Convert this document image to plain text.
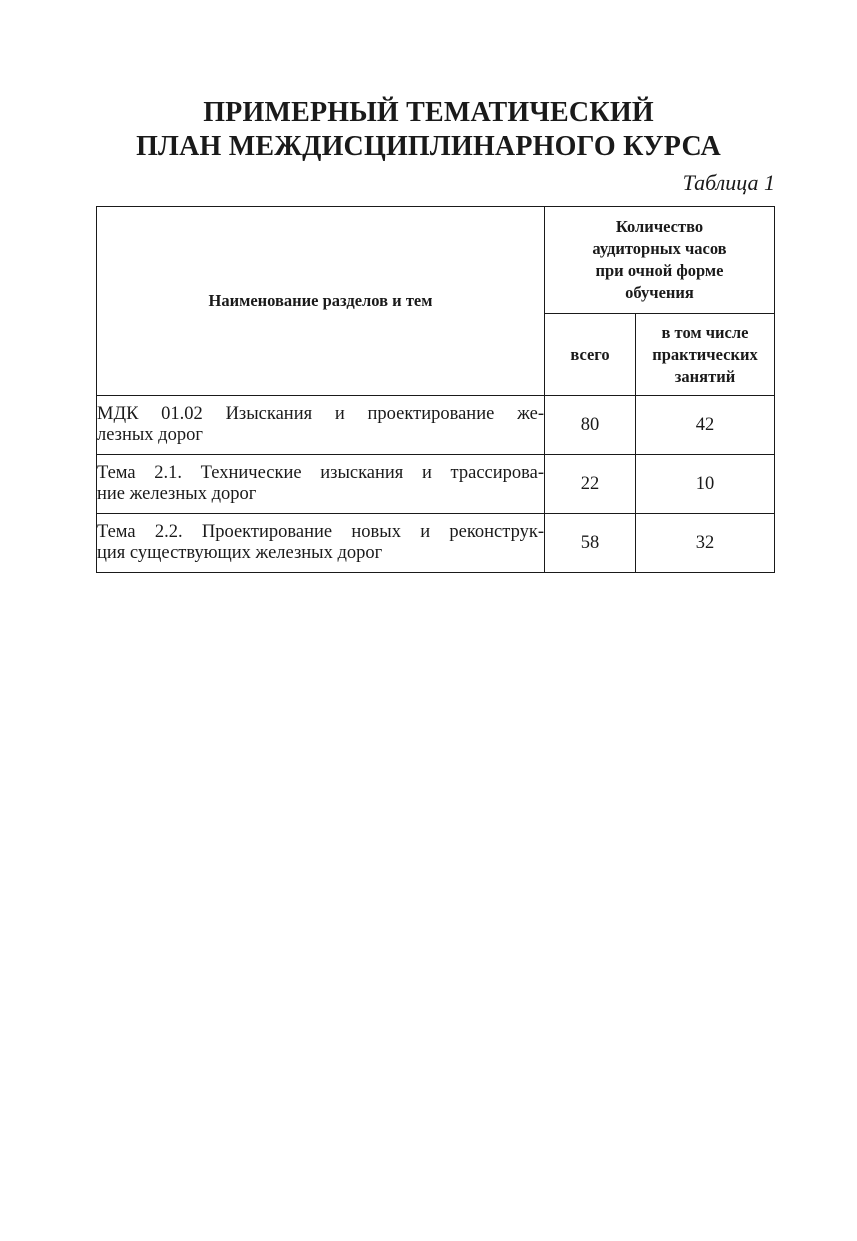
ПРИМЕРНЫЙ ТЕМАТИЧЕСКИЙ
ПЛАН МЕЖДИСЦИПЛИНАРНОГО КУРСА
Таблица 1
Наименование разделов и тем	Количество
аудиторных часов
при очной форме
обучения	

	всего	в том числе
практических
занятий

МДК 01.02 Изыскания и проектирование же-
лезных дорог	80	42

Тема 2.1. Технические изыскания и трассирова-
ние железных дорог	22	10

Тема 2.2. Проектирование новых и реконструк-
ция существующих железных дорог	58	32
